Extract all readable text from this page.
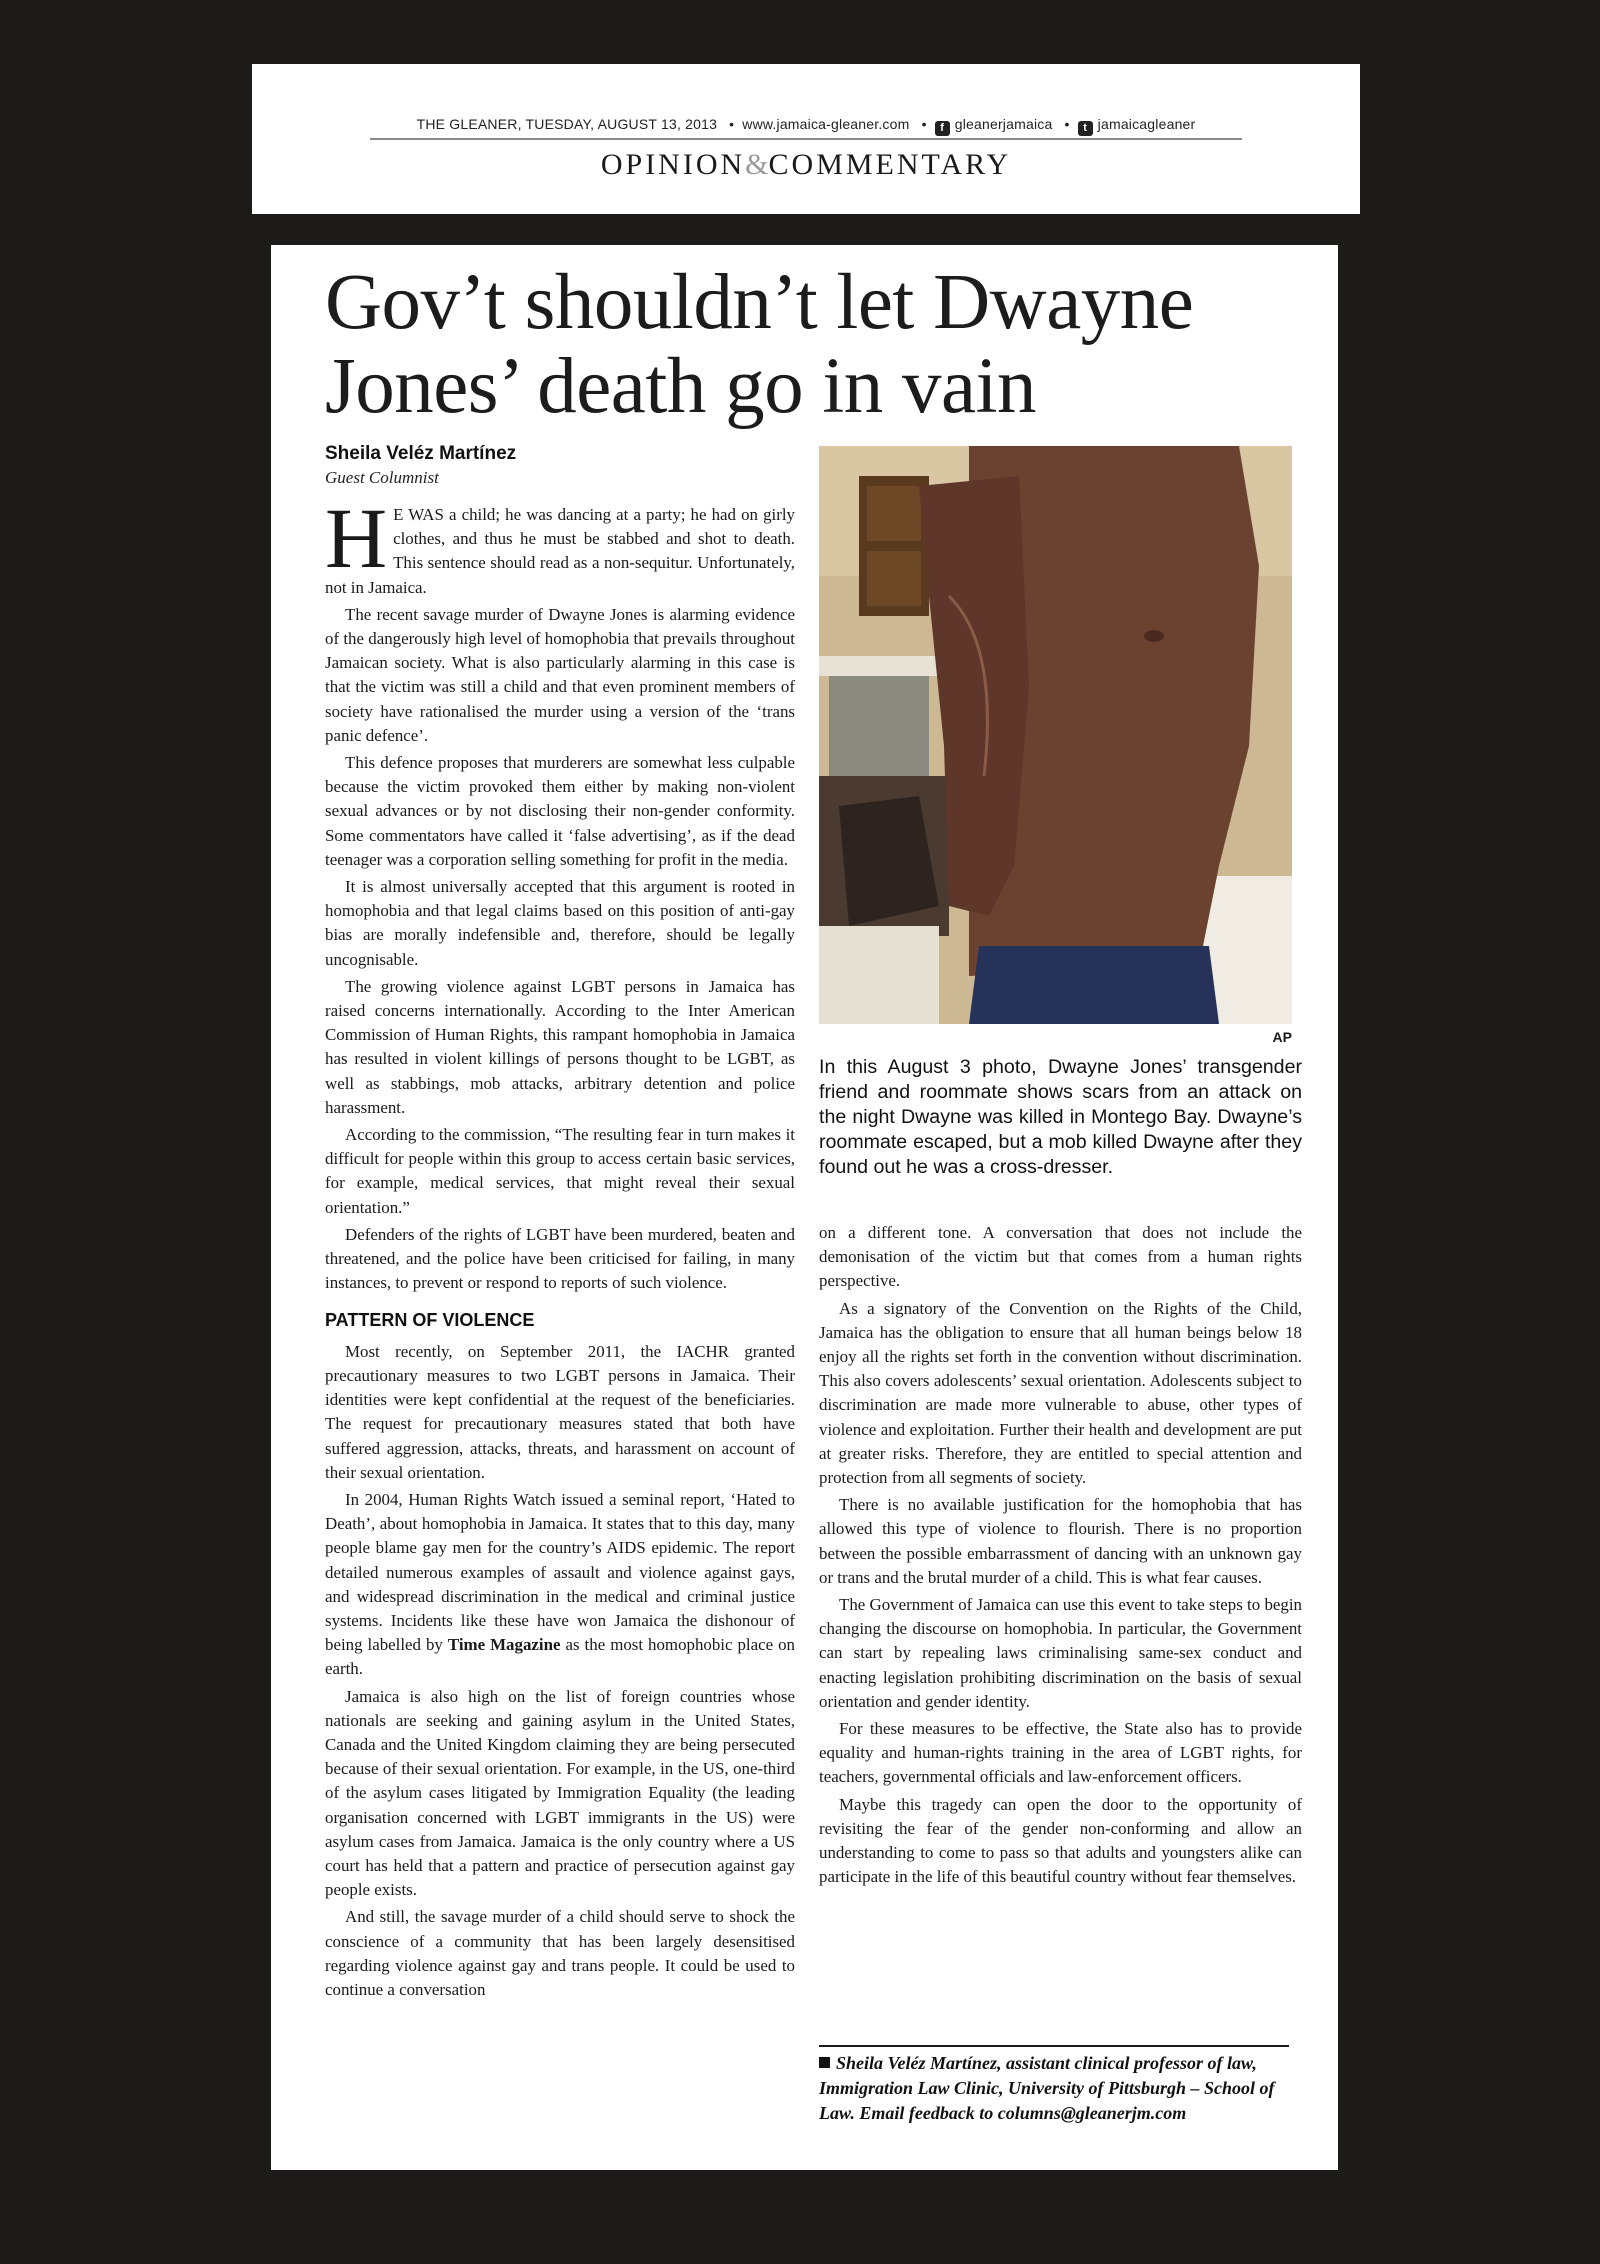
THE GLEANER, TUESDAY, AUGUST 13, 2013 • www.jamaica-gleaner.com • f gleanerjamaica • t jamaicagleaner
OPINION&COMMENTARY
Gov’t shouldn’t let Dwayne Jones’ death go in vain
Sheila Veléz Martínez
Guest Columnist

H E WAS a child; he was dancing at a party; he had on girly clothes, and thus he must be stabbed and shot to death. This sentence should read as a non-sequitur. Unfortunately, not in Jamaica.

The recent savage murder of Dwayne Jones is alarming evidence of the dangerously high level of homophobia that prevails throughout Jamaican society. What is also particularly alarming in this case is that the victim was still a child and that even prominent members of society have rationalised the murder using a version of the ‘trans panic defence’.

This defence proposes that murderers are somewhat less culpable because the victim provoked them either by making non-violent sexual advances or by not disclosing their non-gender conformity. Some commentators have called it ‘false advertising’, as if the dead teenager was a corporation selling something for profit in the media.

It is almost universally accepted that this argument is rooted in homophobia and that legal claims based on this position of anti-gay bias are morally indefensible and, therefore, should be legally uncognisable.

The growing violence against LGBT persons in Jamaica has raised concerns internationally. According to the Inter American Commission of Human Rights, this rampant homophobia in Jamaica has resulted in violent killings of persons thought to be LGBT, as well as stabbings, mob attacks, arbitrary detention and police harassment.

According to the commission, “The resulting fear in turn makes it difficult for people within this group to access certain basic services, for example, medical services, that might reveal their sexual orientation.”

Defenders of the rights of LGBT have been murdered, beaten and threatened, and the police have been criticised for failing, in many instances, to prevent or respond to reports of such violence.

PATTERN OF VIOLENCE

Most recently, on September 2011, the IACHR granted precautionary measures to two LGBT persons in Jamaica. Their identities were kept confidential at the request of the beneficiaries. The request for precautionary measures stated that both have suffered aggression, attacks, threats, and harassment on account of their sexual orientation.

In 2004, Human Rights Watch issued a seminal report, ‘Hated to Death’, about homophobia in Jamaica. It states that to this day, many people blame gay men for the country’s AIDS epidemic. The report detailed numerous examples of assault and violence against gays, and widespread discrimination in the medical and criminal justice systems. Incidents like these have won Jamaica the dishonour of being labelled by Time Magazine as the most homophobic place on earth.

Jamaica is also high on the list of foreign countries whose nationals are seeking and gaining asylum in the United States, Canada and the United Kingdom claiming they are being persecuted because of their sexual orientation. For example, in the US, one-third of the asylum cases litigated by Immigration Equality (the leading organisation concerned with LGBT immigrants in the US) were asylum cases from Jamaica. Jamaica is the only country where a US court has held that a pattern and practice of persecution against gay people exists.

And still, the savage murder of a child should serve to shock the conscience of a community that has been largely desensitised regarding violence against gay and trans people. It could be used to continue a conversation

AP

In this August 3 photo, Dwayne Jones’ transgender friend and roommate shows scars from an attack on the night Dwayne was killed in Montego Bay. Dwayne’s roommate escaped, but a mob killed Dwayne after they found out he was a cross-dresser.

on a different tone. A conversation that does not include the demonisation of the victim but that comes from a human rights perspective.

As a signatory of the Convention on the Rights of the Child, Jamaica has the obligation to ensure that all human beings below 18 enjoy all the rights set forth in the convention without discrimination. This also covers adolescents’ sexual orientation. Adolescents subject to discrimination are made more vulnerable to abuse, other types of violence and exploitation. Further their health and development are put at greater risks. Therefore, they are entitled to special attention and protection from all segments of society.

There is no available justification for the homophobia that has allowed this type of violence to flourish. There is no proportion between the possible embarrassment of dancing with an unknown gay or trans and the brutal murder of a child. This is what fear causes.

The Government of Jamaica can use this event to take steps to begin changing the discourse on homophobia. In particular, the Government can start by repealing laws criminalising same-sex conduct and enacting legislation prohibiting discrimination on the basis of sexual orientation and gender identity.

For these measures to be effective, the State also has to provide equality and human-rights training in the area of LGBT rights, for teachers, governmental officials and law-enforcement officers.

Maybe this tragedy can open the door to the opportunity of revisiting the fear of the gender non-conforming and allow an understanding to come to pass so that adults and youngsters alike can participate in the life of this beautiful country without fear themselves.

Sheila Veléz Martínez, assistant clinical professor of law, Immigration Law Clinic, University of Pittsburgh – School of Law. Email feedback to columns@gleanerjm.com
